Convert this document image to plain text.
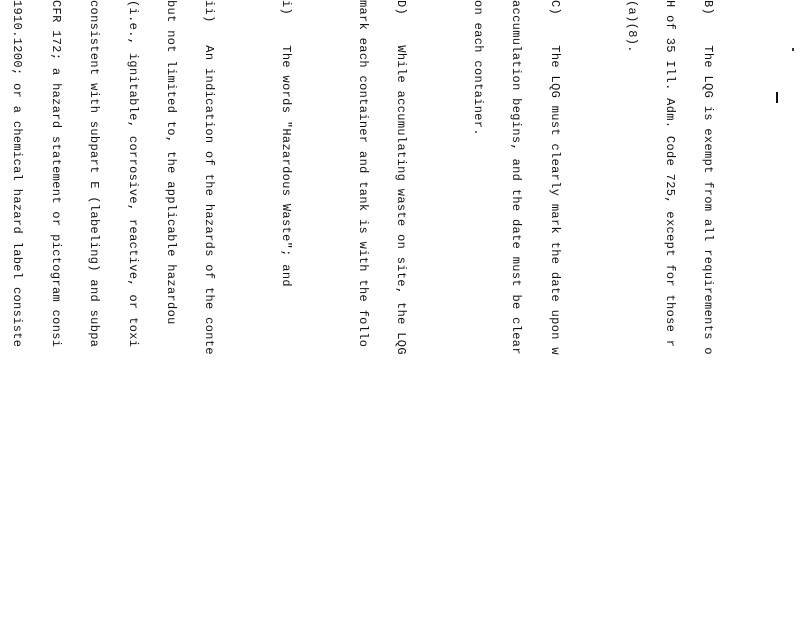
B)    The LQG is exempt from all requirements o

H of 35 Ill. Adm. Code 725, except for those r

(a)(8).

C)    The LQG must clearly mark the date upon w

accumulation begins, and the date must be clear

on each container.

D)    While accumulating waste on site, the LQG

mark each container and tank is with the follo

i)    The words "Hazardous Waste"; and

ii)   An indication of the hazards of the conte

but not limited to, the applicable hazardou

(i.e., ignitable, corrosive, reactive, or toxi

consistent with subpart E (labeling) and subpa

CFR 172; a hazard statement or pictogram consi

1910.1200; or a chemical hazard label consiste
